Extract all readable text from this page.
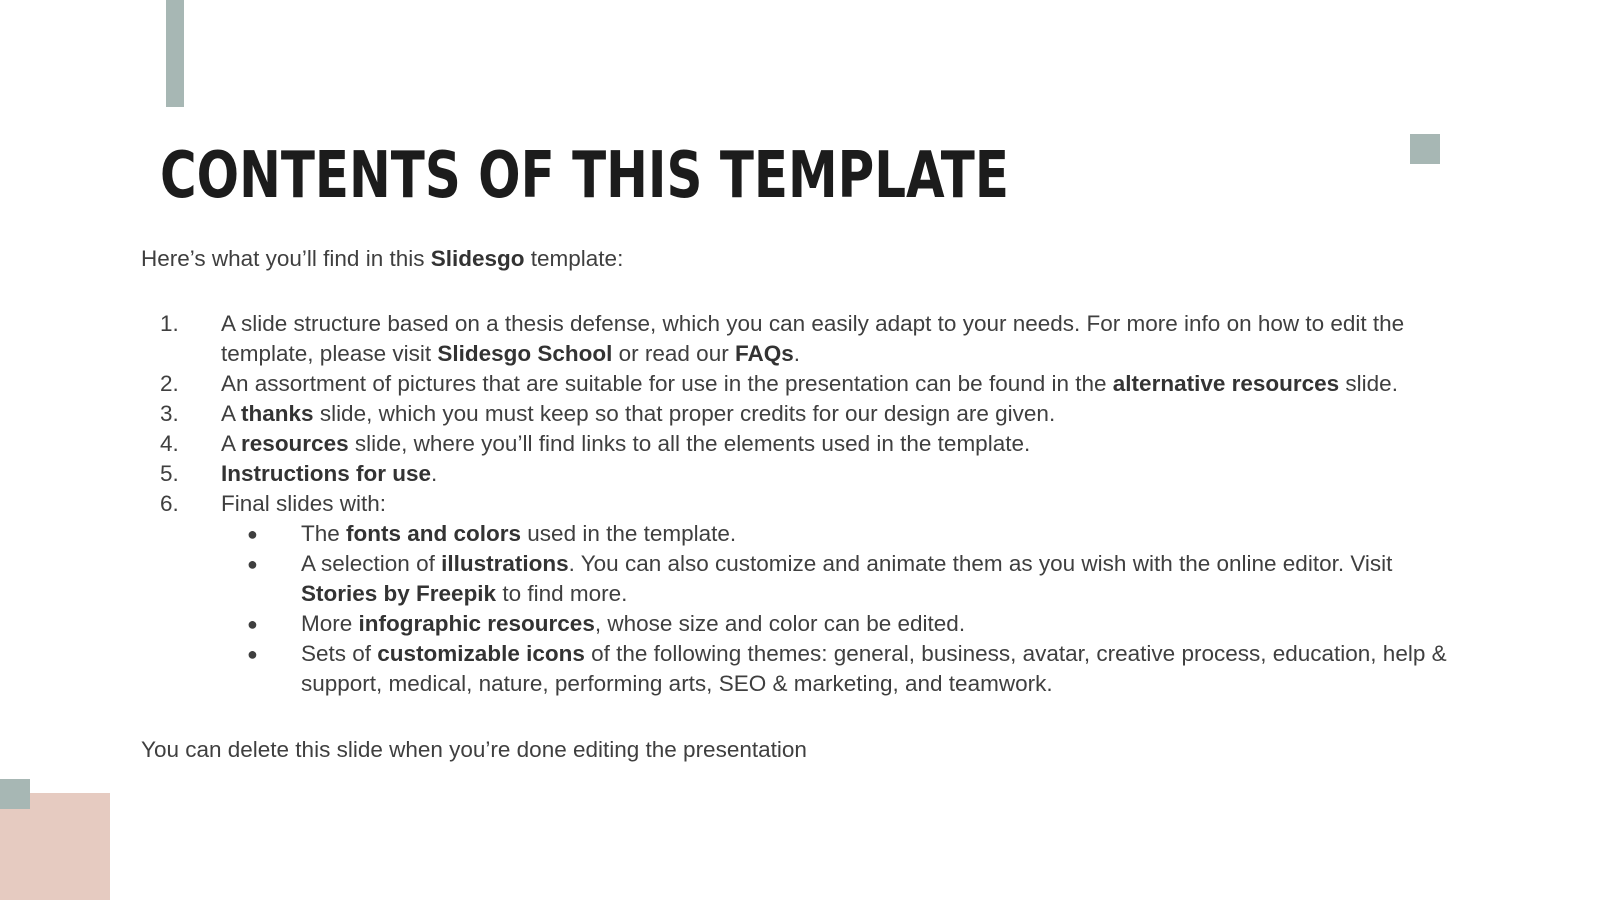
CONTENTS OF THIS TEMPLATE

Here’s what you’ll find in this Slidesgo template:

1. A slide structure based on a thesis defense, which you can easily adapt to your needs. For more info on how to edit the template, please visit Slidesgo School or read our FAQs.
2. An assortment of pictures that are suitable for use in the presentation can be found in the alternative resources slide.
3. A thanks slide, which you must keep so that proper credits for our design are given.
4. A resources slide, where you’ll find links to all the elements used in the template.
5. Instructions for use.
6. Final slides with:
● The fonts and colors used in the template.
● A selection of illustrations. You can also customize and animate them as you wish with the online editor. Visit Stories by Freepik to find more.
● More infographic resources, whose size and color can be edited.
● Sets of customizable icons of the following themes: general, business, avatar, creative process, education, help & support, medical, nature, performing arts, SEO & marketing, and teamwork.

You can delete this slide when you’re done editing the presentation
